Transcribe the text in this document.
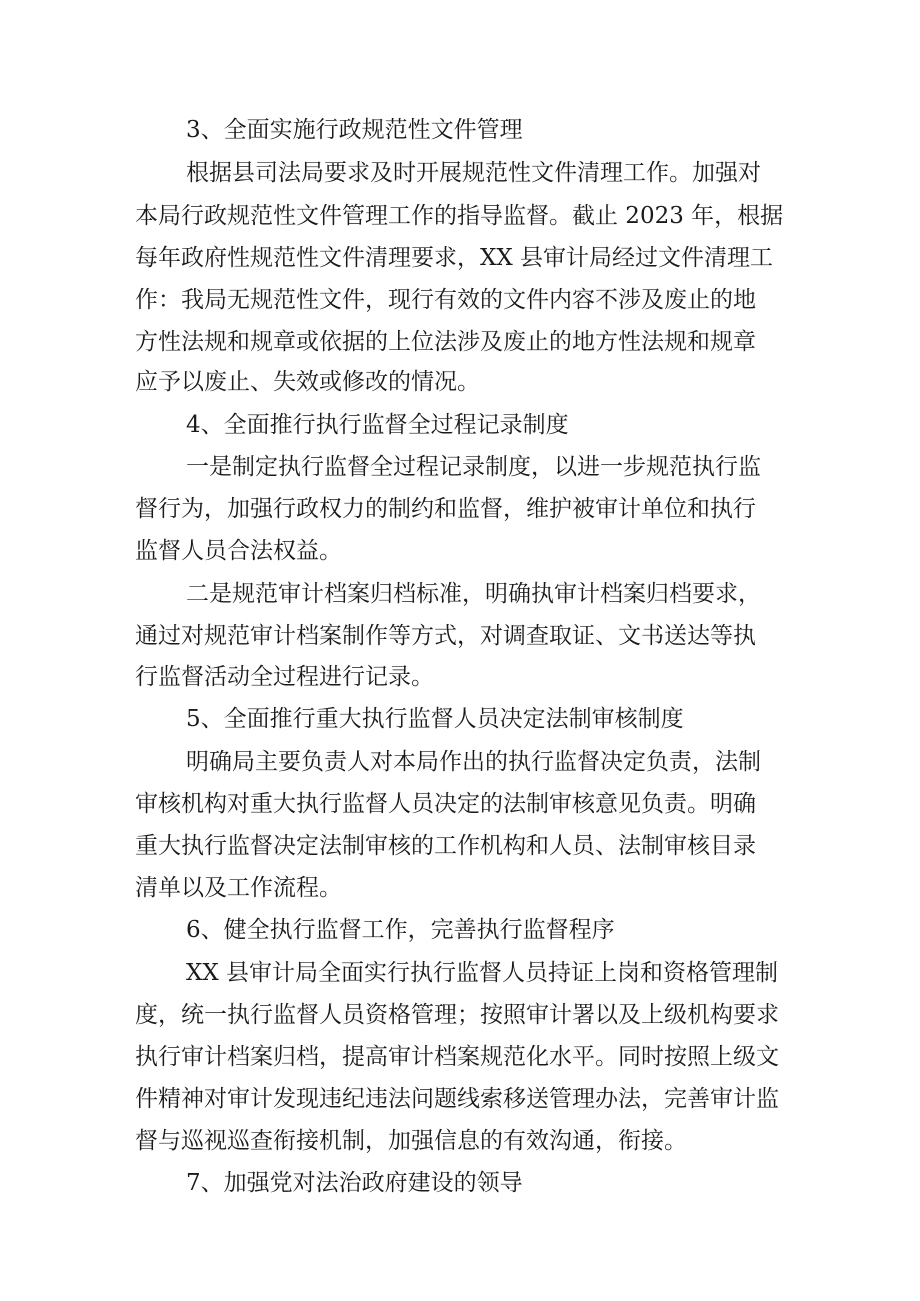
3、全面实施行政规范性文件管理
根据县司法局要求及时开展规范性文件清理工作。加强对
本局行政规范性文件管理工作的指导监督。截止 2023 年，根据
每年政府性规范性文件清理要求，XX 县审计局经过文件清理工
作：我局无规范性文件，现行有效的文件内容不涉及废止的地
方性法规和规章或依据的上位法涉及废止的地方性法规和规章
应予以废止、失效或修改的情况。
4、全面推行执行监督全过程记录制度
一是制定执行监督全过程记录制度，以进一步规范执行监
督行为，加强行政权力的制约和监督，维护被审计单位和执行
监督人员合法权益。
二是规范审计档案归档标准，明确执审计档案归档要求，
通过对规范审计档案制作等方式，对调查取证、文书送达等执
行监督活动全过程进行记录。
5、全面推行重大执行监督人员决定法制审核制度
明确局主要负责人对本局作出的执行监督决定负责，法制
审核机构对重大执行监督人员决定的法制审核意见负责。明确
重大执行监督决定法制审核的工作机构和人员、法制审核目录
清单以及工作流程。
6、健全执行监督工作，完善执行监督程序
XX 县审计局全面实行执行监督人员持证上岗和资格管理制
度，统一执行监督人员资格管理；按照审计署以及上级机构要求
执行审计档案归档，提高审计档案规范化水平。同时按照上级文
件精神对审计发现违纪违法问题线索移送管理办法，完善审计监
督与巡视巡查衔接机制，加强信息的有效沟通，衔接。
7、加强党对法治政府建设的领导
